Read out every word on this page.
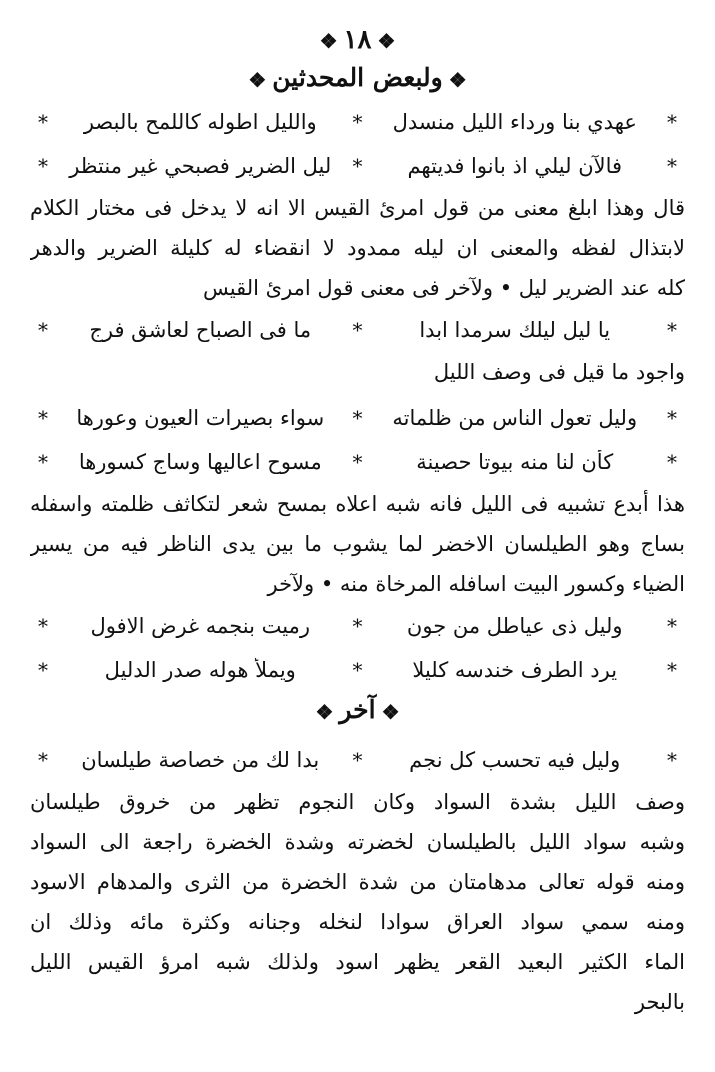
❖١٨❖
❖ولبعض المحدثين❖
*
عهدي بنا ورداء الليل منسدل
*
والليل اطوله كاللمح بالبصر
*
*
فالآن ليلي اذ بانوا فديتهم
*
ليل الضرير فصبحي غير منتظر
*
قال وهذا ابلغ معنى من قول امرئ القيس الا انه لا يدخل فى مختار الكلام
لابتذال لفظه والمعنى ان ليله ممدود لا انقضاء له كليلة الضرير والدهر
كله عند الضرير ليل • ولآخر فى معنى قول امرئ القيس
*
يا ليل ليلك سرمدا ابدا
*
ما فى الصباح لعاشق فرج
*
واجود ما قيل فى وصف الليل
*
وليل تعول الناس من ظلماته
*
سواء بصيرات العيون وعورها
*
*
كأن لنا منه بيوتا حصينة
*
مسوح اعاليها وساج كسورها
*
هذا أبدع تشبيه فى الليل فانه شبه اعلاه بمسح شعر لتكاثف ظلمته واسفله
بساج وهو الطيلسان الاخضر لما يشوب ما بين يدى الناظر فيه من يسير
الضياء وكسور البيت اسافله المرخاة منه • ولآخر
*
وليل ذى عياطل من جون
*
رميت بنجمه غرض الافول
*
*
يرد الطرف خندسه كليلا
*
ويملأ هوله صدر الدليل
*
❖آخر❖
*
وليل فيه تحسب كل نجم
*
بدا لك من خصاصة طيلسان
*
وصف الليل بشدة السواد وكان النجوم تظهر من خروق طيلسان
وشبه سواد الليل بالطيلسان لخضرته وشدة الخضرة راجعة الى السواد
ومنه قوله تعالى مدهامتان من شدة الخضرة من الثرى والمدهام الاسود
ومنه سمي سواد العراق سوادا لنخله وجنانه وكثرة مائه وذلك ان
الماء الكثير البعيد القعر يظهر اسود ولذلك شبه امرؤ القيس الليل
بالبحر
